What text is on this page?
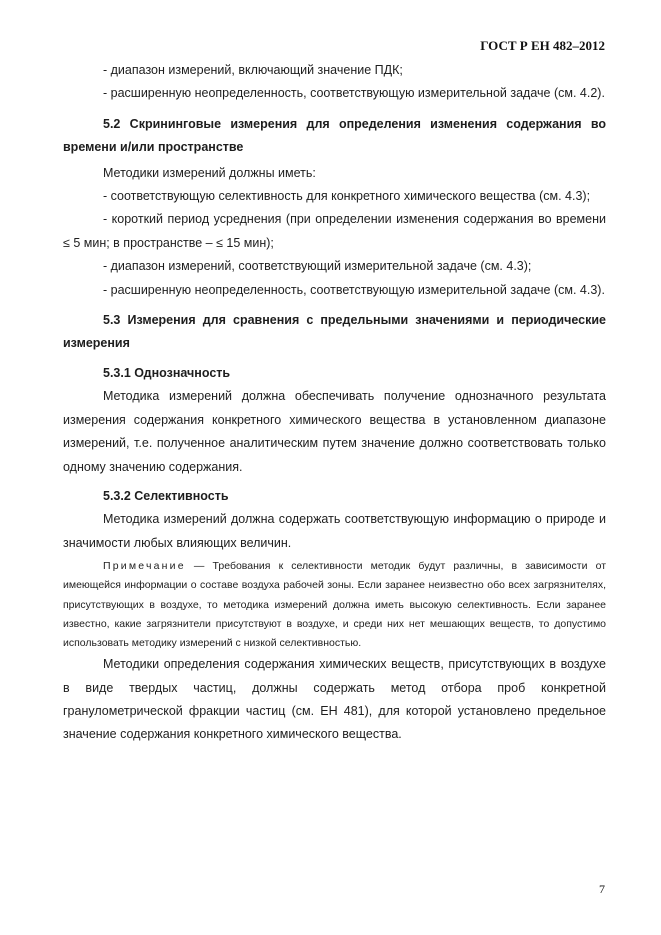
ГОСТ Р ЕН 482–2012

- диапазон измерений, включающий значение ПДК;

- расширенную неопределенность, соответствующую измерительной задаче (см. 4.2).

5.2 Скрининговые измерения для определения изменения содержания во времени и/или пространстве

Методики измерений должны иметь:

- соответствующую селективность для конкретного химического вещества (см. 4.3);

- короткий период усреднения (при определении изменения содержания во времени ≤ 5 мин; в пространстве – ≤ 15 мин);

- диапазон измерений, соответствующий измерительной задаче (см. 4.3);

- расширенную неопределенность, соответствующую измерительной задаче (см. 4.3).

5.3 Измерения для сравнения с предельными значениями и периодические измерения

5.3.1 Однозначность

Методика измерений должна обеспечивать получение однозначного результата измерения содержания конкретного химического вещества в установленном диапазоне измерений, т.е. полученное аналитическим путем значение должно соответствовать только одному значению содержания.

5.3.2 Селективность

Методика измерений должна содержать соответствующую информацию о природе и значимости любых влияющих величин.

Примечание — Требования к селективности методик будут различны, в зависимости от имеющейся информации о составе воздуха рабочей зоны. Если заранее неизвестно обо всех загрязнителях, присутствующих в воздухе, то методика измерений должна иметь высокую селективность. Если заранее известно, какие загрязнители присутствуют в воздухе, и среди них нет мешающих веществ, то допустимо использовать методику измерений с низкой селективностью.

Методики определения содержания химических веществ, присутствующих в воздухе в виде твердых частиц, должны содержать метод отбора проб конкретной гранулометрической фракции частиц (см. ЕН 481), для которой установлено предельное значение содержания конкретного химического вещества.

7
